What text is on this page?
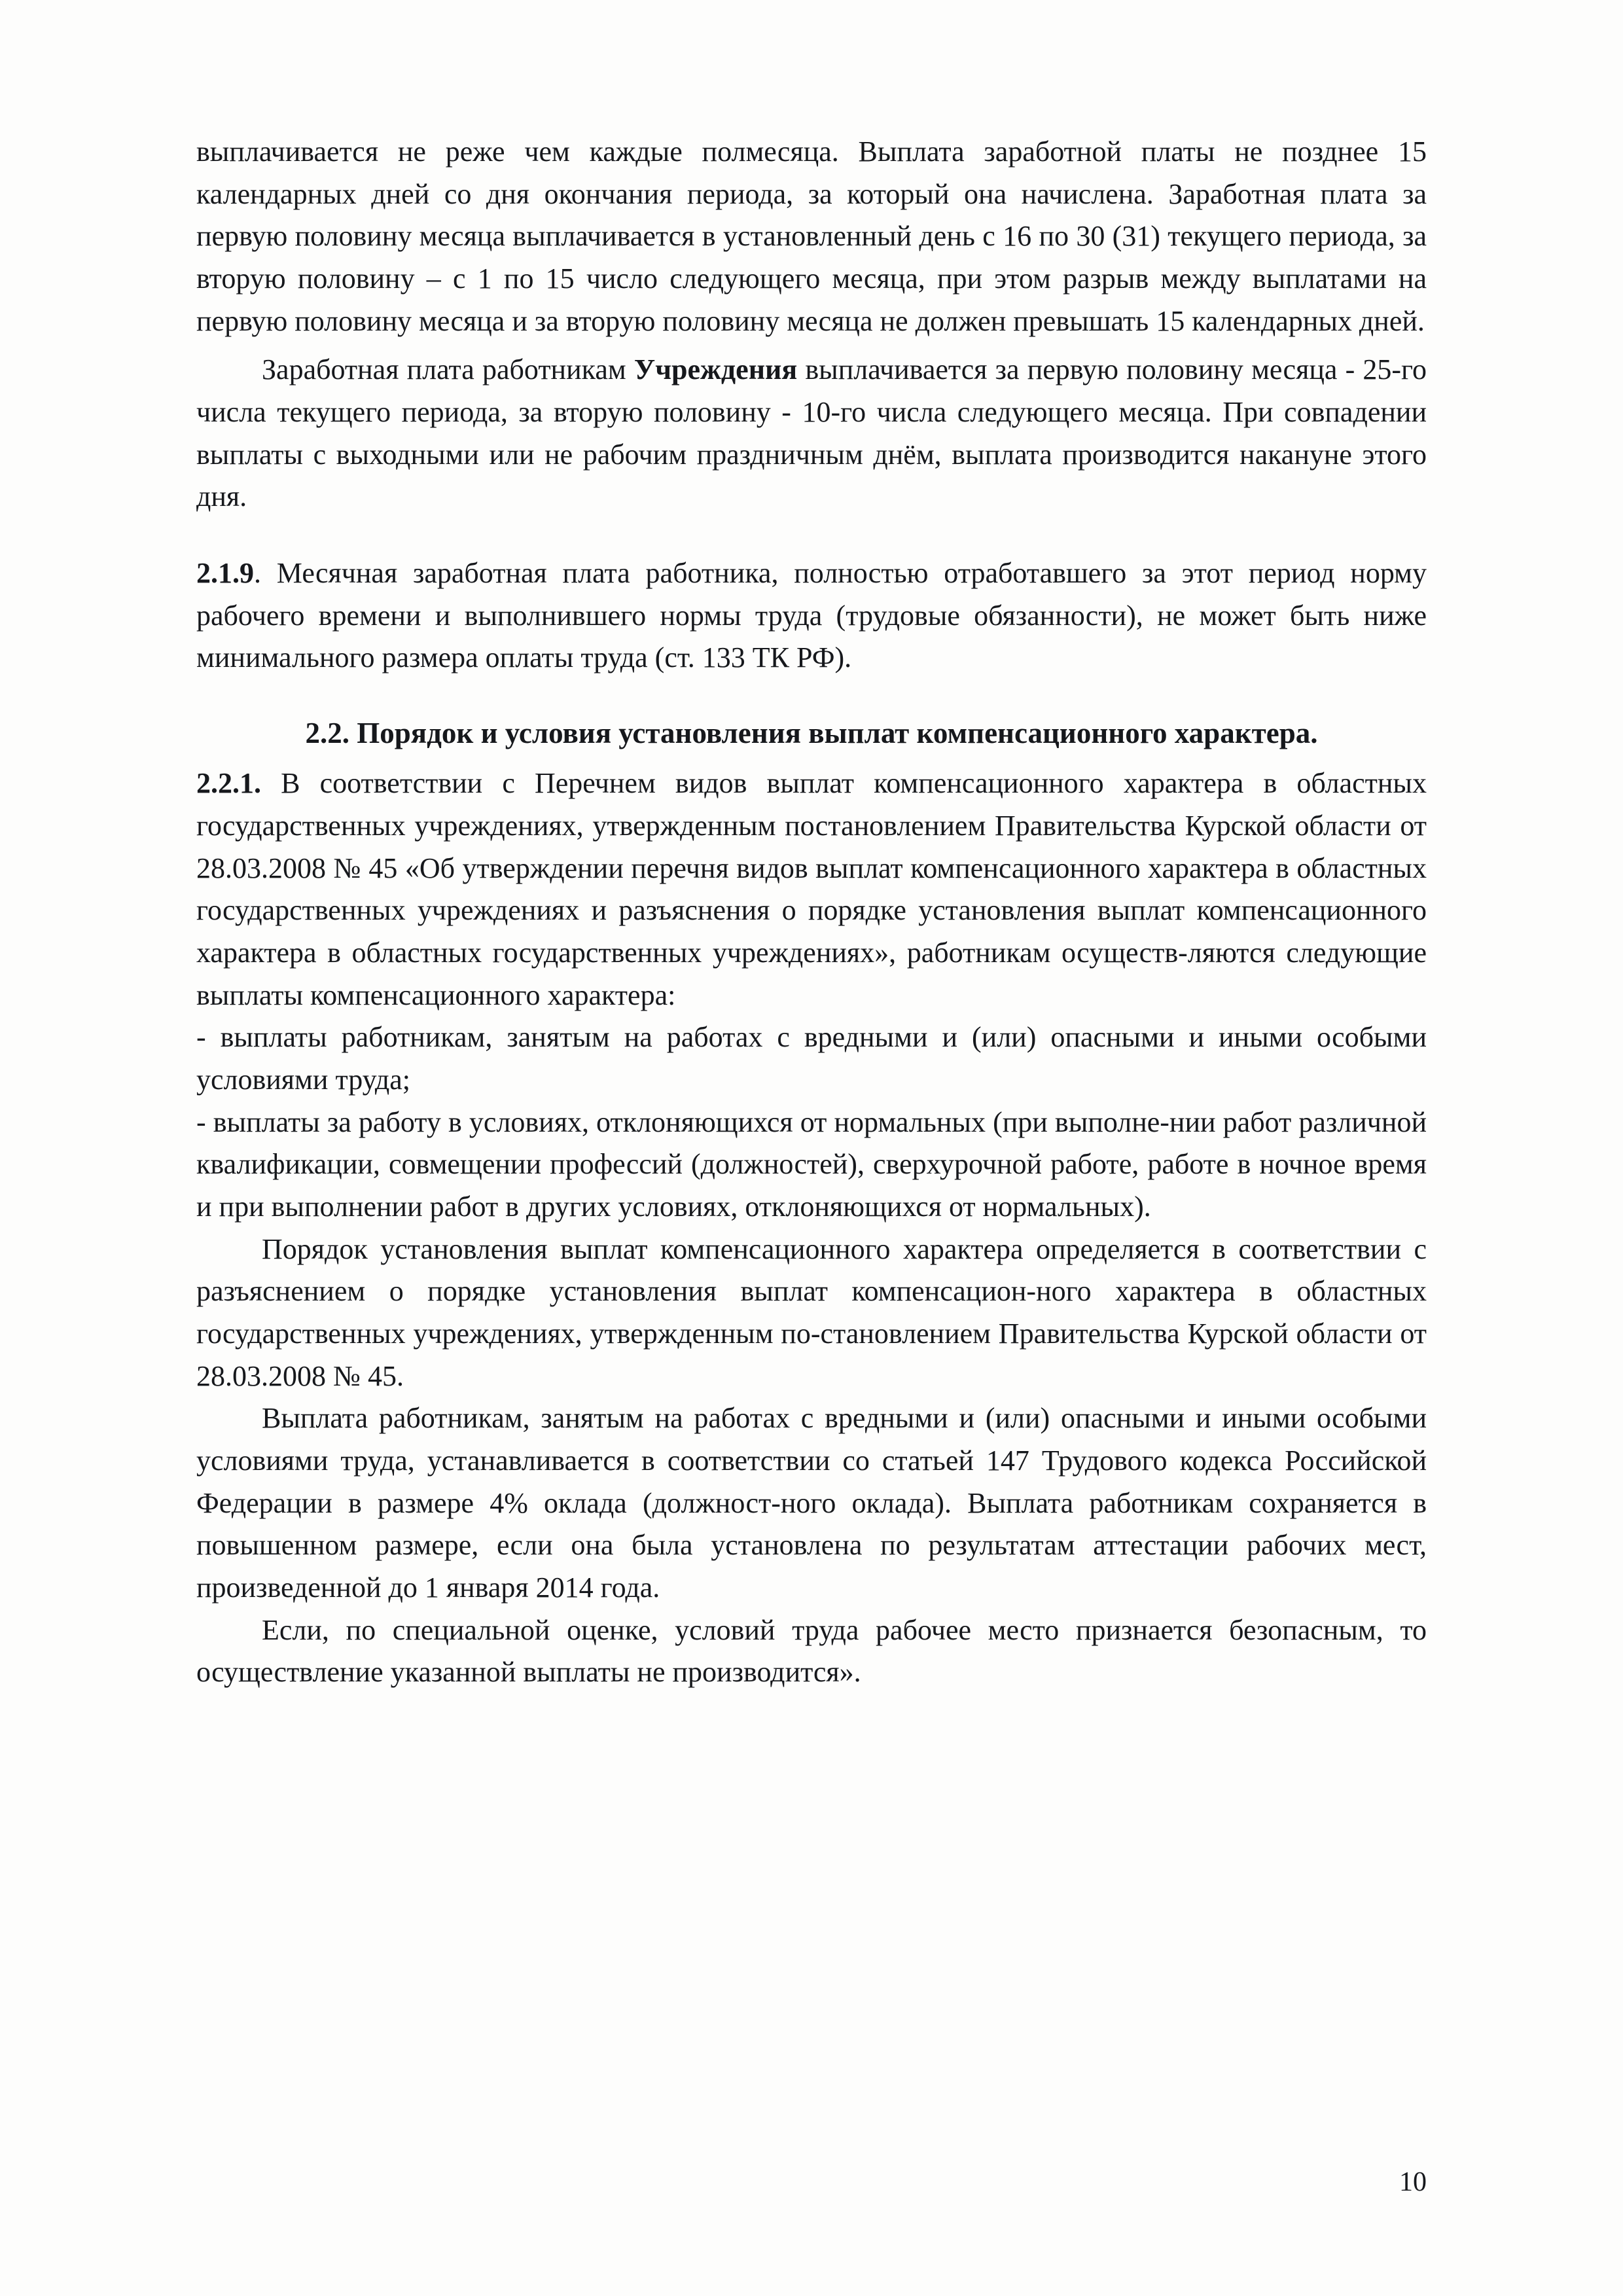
выплачивается не реже чем каждые полмесяца. Выплата заработной платы не позднее 15 календарных дней со дня окончания периода, за который она начислена. Заработная плата за первую половину месяца выплачивается в установленный день с 16 по 30 (31) текущего периода, за вторую половину – с 1 по 15 число следующего месяца, при этом разрыв между выплатами на первую половину месяца и за вторую половину месяца не должен превышать 15 календарных дней.

Заработная плата работникам Учреждения выплачивается за первую половину месяца - 25-го числа текущего периода, за вторую половину - 10-го числа следующего месяца. При совпадении выплаты с выходными или не рабочим праздничным днём, выплата производится накануне этого дня.

2.1.9. Месячная заработная плата работника, полностью отработавшего за этот период норму рабочего времени и выполнившего нормы труда (трудовые обязанности), не может быть ниже минимального размера оплаты труда (ст. 133 ТК РФ).

2.2. Порядок и условия установления выплат компенсационного характера.

2.2.1. В соответствии с Перечнем видов выплат компенсационного характера в областных государственных учреждениях, утвержденным постановлением Правительства Курской области от 28.03.2008 № 45 «Об утверждении перечня видов выплат компенсационного характера в областных государственных учреждениях и разъяснения о порядке установления выплат компенсационного характера в областных государственных учреждениях», работникам осуществ-ляются следующие выплаты компенсационного характера:

- выплаты работникам, занятым на работах с вредными и (или) опасными и иными особыми условиями труда;

- выплаты за работу в условиях, отклоняющихся от нормальных (при выполне-нии работ различной квалификации, совмещении профессий (должностей), сверхурочной работе, работе в ночное время и при выполнении работ в других условиях, отклоняющихся от нормальных).

Порядок установления выплат компенсационного характера определяется в соответствии с разъяснением о порядке установления выплат компенсацион-ного характера в областных государственных учреждениях, утвержденным по-становлением Правительства Курской области от 28.03.2008 № 45.

Выплата работникам, занятым на работах с вредными и (или) опасными и иными особыми условиями труда, устанавливается в соответствии со статьей 147 Трудового кодекса Российской Федерации в размере 4% оклада (должност-ного оклада). Выплата работникам сохраняется в повышенном размере, если она была установлена по результатам аттестации рабочих мест, произведенной до 1 января 2014 года.

Если, по специальной оценке, условий труда рабочее место признается безопасным, то осуществление указанной выплаты не производится».

10
